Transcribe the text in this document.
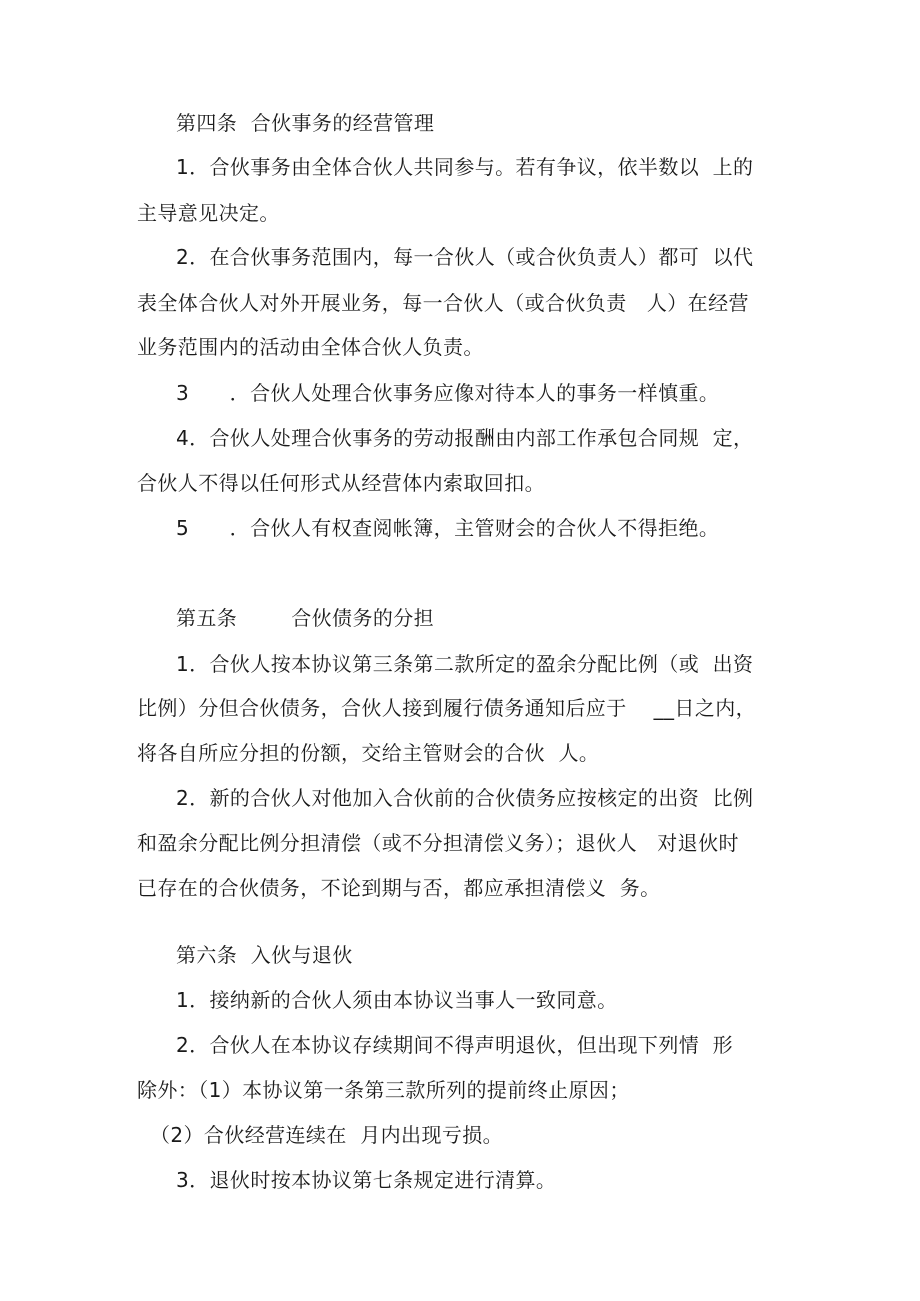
第四条  合伙事务的经营管理

1．合伙事务由全体合伙人共同参与。若有争议，依半数以  上的

主导意见决定。

2．在合伙事务范围内，每一合伙人（或合伙负责人）都可  以代

表全体合伙人对外开展业务，每一合伙人（或合伙负责   人）在经营

业务范围内的活动由全体合伙人负责。

3      ．合伙人处理合伙事务应像对待本人的事务一样慎重。

4．合伙人处理合伙事务的劳动报酬由内部工作承包合同规  定，

合伙人不得以任何形式从经营体内索取回扣。

5      ．合伙人有权查阅帐簿，主管财会的合伙人不得拒绝。

第五条        合伙债务的分担

1．合伙人按本协议第三条第二款所定的盈余分配比例（或  出资

比例）分但合伙债务，合伙人接到履行债务通知后应于    __日之内，

将各自所应分担的份额，交给主管财会的合伙  人。

2．新的合伙人对他加入合伙前的合伙债务应按核定的出资  比例

和盈余分配比例分担清偿（或不分担清偿义务）；退伙人   对退伙时

已存在的合伙债务，不论到期与否，都应承担清偿义  务。

第六条  入伙与退伙

1．接纳新的合伙人须由本协议当事人一致同意。

2．合伙人在本协议存续期间不得声明退伙，但出现下列情  形

除外：（1）本协议第一条第三款所列的提前终止原因；

（2）合伙经营连续在  月内出现亏损。

3．退伙时按本协议第七条规定进行清算。
